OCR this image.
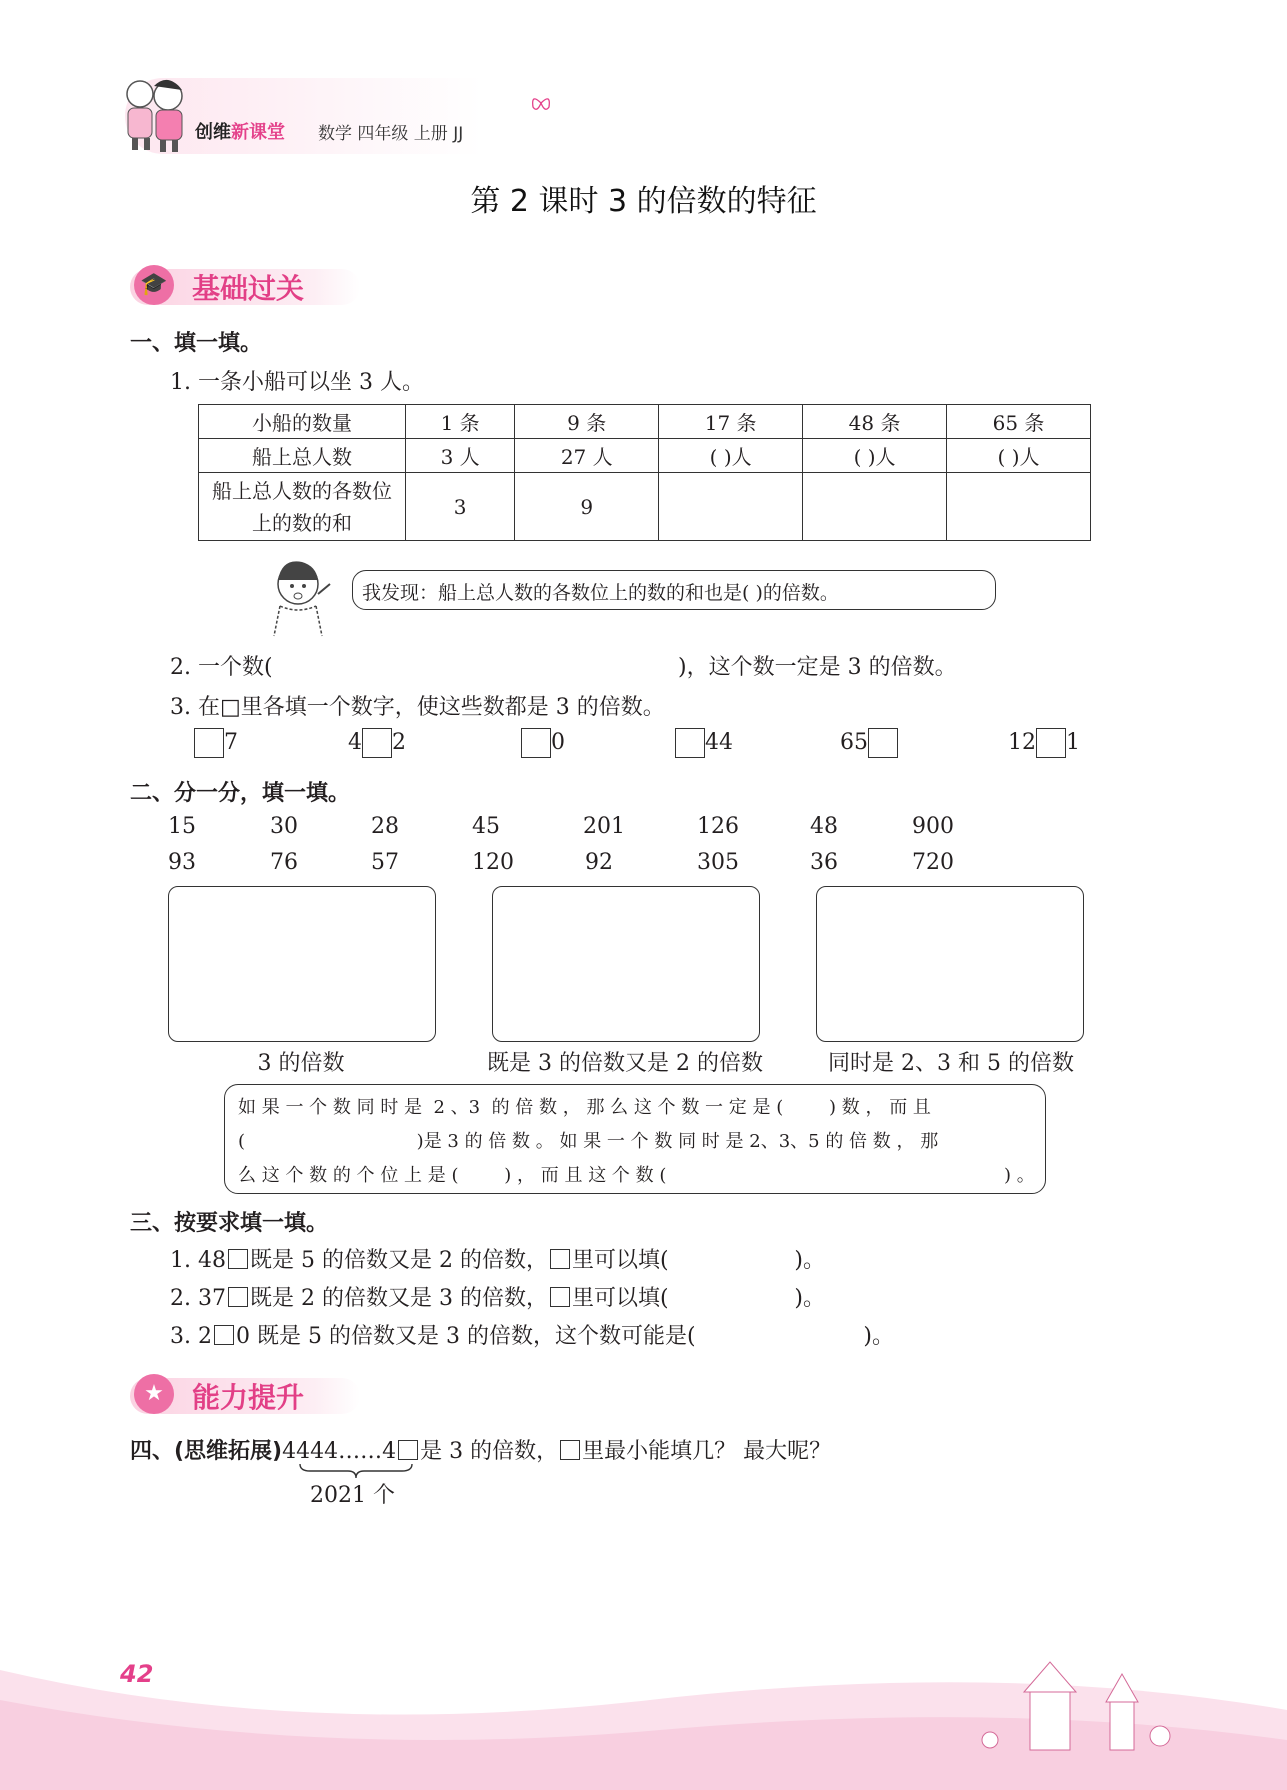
创维新课堂 数学 四年级 上册 JJ
第 2 课时 3 的倍数的特征
🎓 基础过关
一、填一填。
1. 一条小船可以坐 3 人。
小船的数量	1 条	9 条	17 条	48 条	65 条
船上总人数	3 人	27 人	( )人	( )人	( )人
船上总人数的各数位上的数的和	3	9			
我发现：船上总人数的各数位上的数的和也是( )的倍数。
2. 一个数(	)，这个数一定是 3 的倍数。
3. 在□里各填一个数字，使这些数都是 3 的倍数。
7	4 2	0	44	65	12 1
二、分一分，填一填。
15	30	28	45	201	126	48	900
93	76	57	120	92	305	36	720
3 的倍数	既是 3 的倍数又是 2 的倍数	同时是 2、3 和 5 的倍数
如 果 一 个 数 同 时 是  2 、3  的 倍 数 ， 那 么 这 个 数 一 定 是 (        ) 数 ， 而 且
(                              )是 3 的 倍 数 。 如 果 一 个 数 同 时 是 2、3、5 的 倍 数 ， 那
么 这 个 数 的 个 位 上 是 (        ) ， 而 且 这 个 数 (                                                           ) 。
三、按要求填一填。
1. 48 既是 5 的倍数又是 2 的倍数， 里可以填(                  )。
2. 37 既是 2 的倍数又是 3 的倍数， 里可以填(                  )。
3. 2 0 既是 5 的倍数又是 3 的倍数，这个数可能是(                        )。
★	能力提升
四、(思维拓展)4444……4 是 3 的倍数， 里最小能填几？ 最大呢？
2021 个
42
